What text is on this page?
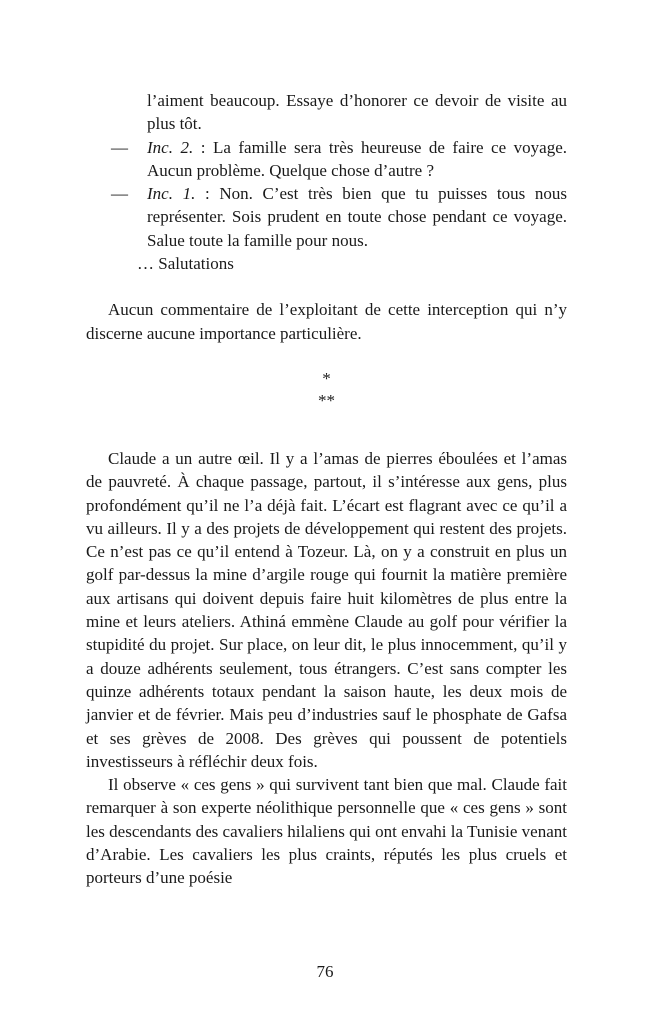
l’aiment beaucoup. Essaye d’honorer ce devoir de visite au plus tôt.

— Inc. 2. : La famille sera très heureuse de faire ce voyage. Aucun problème. Quelque chose d’autre ?

— Inc. 1. : Non. C’est très bien que tu puisses tous nous représenter. Sois prudent en toute chose pendant ce voyage. Salue toute la famille pour nous.

… Salutations

Aucun commentaire de l’exploitant de cette interception qui n’y discerne aucune importance particulière.

*

**

Claude a un autre œil. Il y a l’amas de pierres éboulées et l’amas de pauvreté. À chaque passage, partout, il s’intéresse aux gens, plus profondément qu’il ne l’a déjà fait. L’écart est flagrant avec ce qu’il a vu ailleurs. Il y a des projets de développement qui restent des projets. Ce n’est pas ce qu’il entend à Tozeur. Là, on y a construit en plus un golf par-dessus la mine d’argile rouge qui fournit la matière première aux artisans qui doivent depuis faire huit kilomètres de plus entre la mine et leurs ateliers. Athiná emmène Claude au golf pour vérifier la stupidité du projet. Sur place, on leur dit, le plus innocemment, qu’il y a douze adhérents seulement, tous étrangers. C’est sans compter les quinze adhérents totaux pendant la saison haute, les deux mois de janvier et de février. Mais peu d’industries sauf le phosphate de Gafsa et ses grèves de 2008. Des grèves qui poussent de potentiels investisseurs à réfléchir deux fois.

Il observe « ces gens » qui survivent tant bien que mal. Claude fait remarquer à son experte néolithique personnelle que « ces gens » sont les descendants des cavaliers hilaliens qui ont envahi la Tunisie venant d’Arabie. Les cavaliers les plus craints, réputés les plus cruels et porteurs d’une poésie

76
